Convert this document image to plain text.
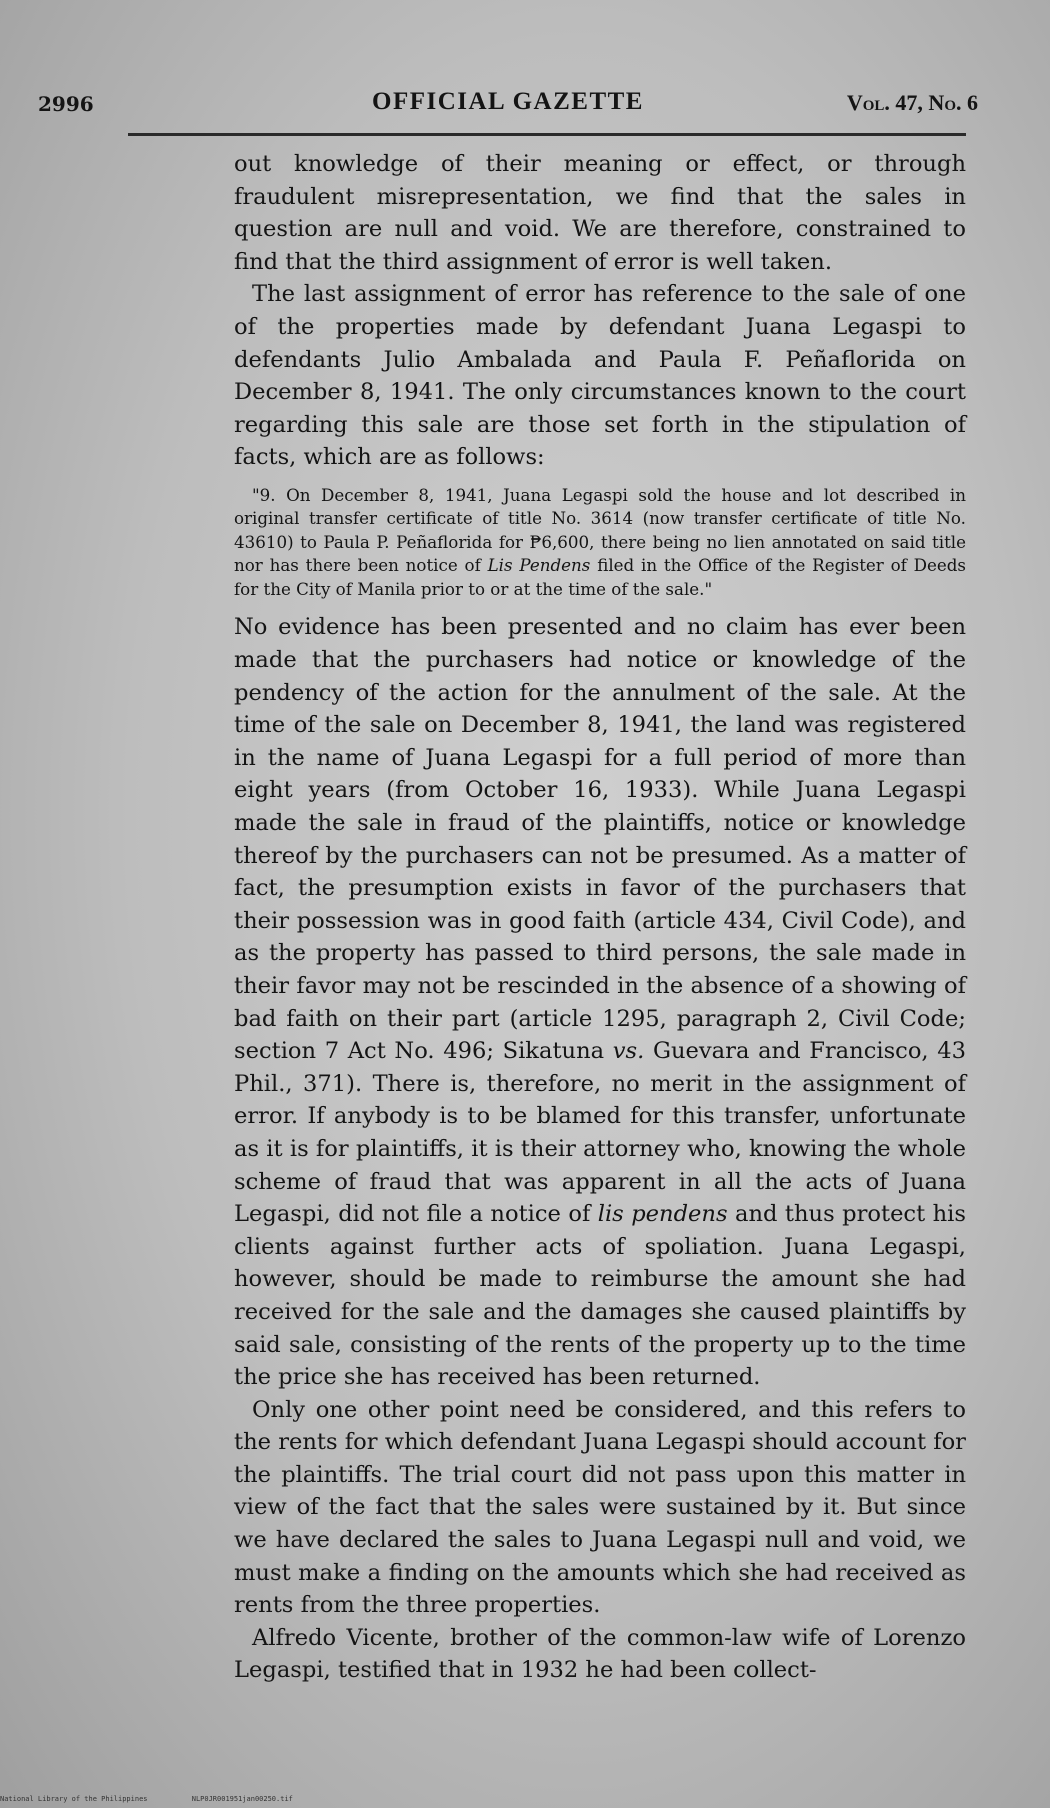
2996	OFFICIAL GAZETTE	Vol. 47, No. 6

out knowledge of their meaning or effect, or through fraudulent misrepresentation, we find that the sales in question are null and void. We are therefore, constrained to find that the third assignment of error is well taken.

The last assignment of error has reference to the sale of one of the properties made by defendant Juana Legaspi to defendants Julio Ambalada and Paula F. Peñaflorida on December 8, 1941. The only circumstances known to the court regarding this sale are those set forth in the stipulation of facts, which are as follows:

"9. On December 8, 1941, Juana Legaspi sold the house and lot described in original transfer certificate of title No. 3614 (now transfer certificate of title No. 43610) to Paula P. Peñaflorida for ₱6,600, there being no lien annotated on said title nor has there been notice of Lis Pendens filed in the Office of the Register of Deeds for the City of Manila prior to or at the time of the sale."

No evidence has been presented and no claim has ever been made that the purchasers had notice or knowledge of the pendency of the action for the annulment of the sale. At the time of the sale on December 8, 1941, the land was registered in the name of Juana Legaspi for a full period of more than eight years (from October 16, 1933). While Juana Legaspi made the sale in fraud of the plaintiffs, notice or knowledge thereof by the purchasers can not be presumed. As a matter of fact, the presumption exists in favor of the purchasers that their possession was in good faith (article 434, Civil Code), and as the property has passed to third persons, the sale made in their favor may not be rescinded in the absence of a showing of bad faith on their part (article 1295, paragraph 2, Civil Code; section 7 Act No. 496; Sikatuna vs. Guevara and Francisco, 43 Phil., 371). There is, therefore, no merit in the assignment of error. If anybody is to be blamed for this transfer, unfortunate as it is for plaintiffs, it is their attorney who, knowing the whole scheme of fraud that was apparent in all the acts of Juana Legaspi, did not file a notice of lis pendens and thus protect his clients against further acts of spoliation. Juana Legaspi, however, should be made to reimburse the amount she had received for the sale and the damages she caused plaintiffs by said sale, consisting of the rents of the property up to the time the price she has received has been returned.

Only one other point need be considered, and this refers to the rents for which defendant Juana Legaspi should account for the plaintiffs. The trial court did not pass upon this matter in view of the fact that the sales were sustained by it. But since we have declared the sales to Juana Legaspi null and void, we must make a finding on the amounts which she had received as rents from the three properties.

Alfredo Vicente, brother of the common-law wife of Lorenzo Legaspi, testified that in 1932 he had been collect-

National Library of the Philippines	NLP0JR001951jan00250.tif
